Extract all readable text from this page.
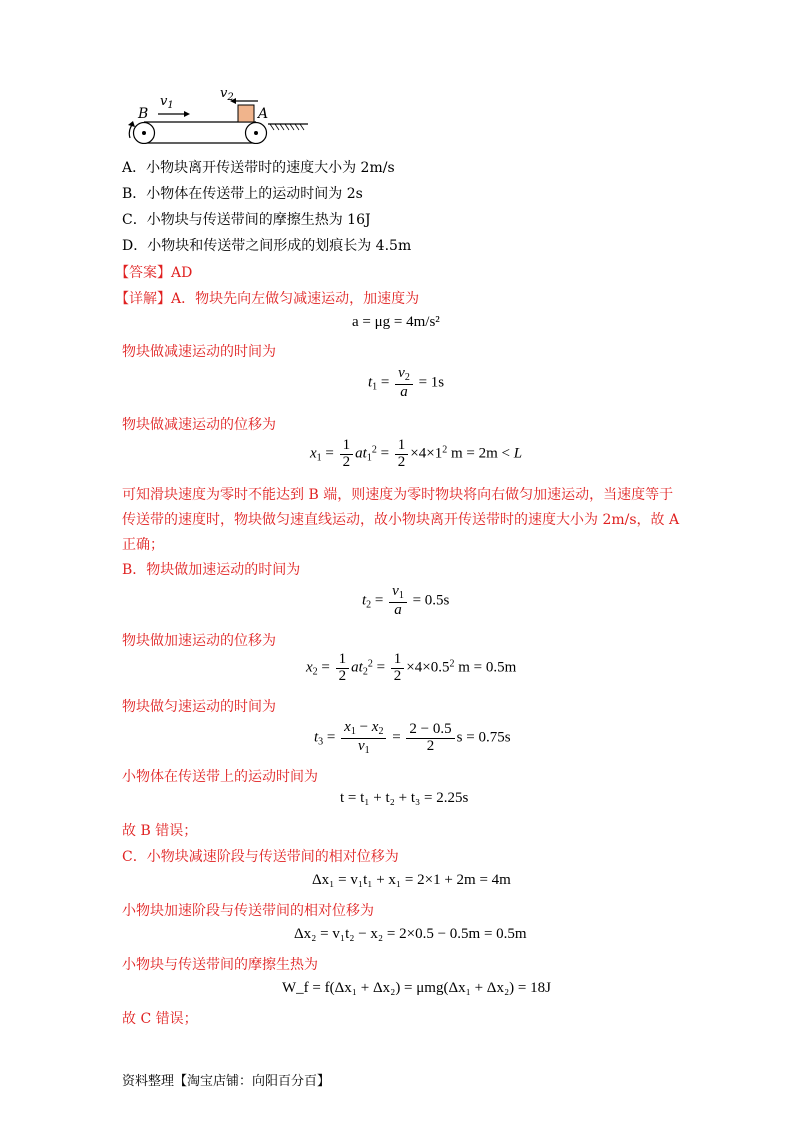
$v_1$
$v_2$
B	A
A．小物块离开传送带时的速度大小为 2m/s
B．小物体在传送带上的运动时间为 2s
C．小物块与传送带间的摩擦生热为 16J
D．小物块和传送带之间形成的划痕长为 4.5m
【答案】AD
【详解】A．物块先向左做匀减速运动，加速度为
a = μg = 4m/s²
物块做减速运动的时间为
$t_1 = \frac{v_2}{a} = 1s$
物块做减速运动的位移为
$x_1 = \frac{1}{2} at_1^2 = \frac{1}{2} \times 4\times 1^2$ m = 2m < L
可知滑块速度为零时不能达到 B 端，则速度为零时物块将向右做匀加速运动，当速度等于
传送带的速度时，物块做匀速直线运动，故小物块离开传送带时的速度大小为 2m/s，故 A
正确；
B．物块做加速运动的时间为
$t_2 = \frac{v_1}{a} = 0.5s$
物块做加速运动的位移为
$x_2 = \frac{1}{2} at_2^2 = \frac{1}{2} \times 4\times 0.5^2$ m = 0.5m
物块做匀速运动的时间为
$t_3 = \frac{x_1 - x_2}{v_1} = \frac{2 - 0.5}{2}$ s = 0.75s
小物体在传送带上的运动时间为
t = t₁ + t₂ + t₃ = 2.25s
故 B 错误；
C．小物块减速阶段与传送带间的相对位移为
Δx₁ = v₁t₁ + x₁ = 2×1 + 2m = 4m
小物块加速阶段与传送带间的相对位移为
Δx₂ = v₁t₂ − x₂ = 2×0.5 − 0.5m = 0.5m
小物块与传送带间的摩擦生热为
W_f = f(Δx₁ + Δx₂) = μmg(Δx₁ + Δx₂) = 18J
故 C 错误；
资料整理【淘宝店铺：向阳百分百】
